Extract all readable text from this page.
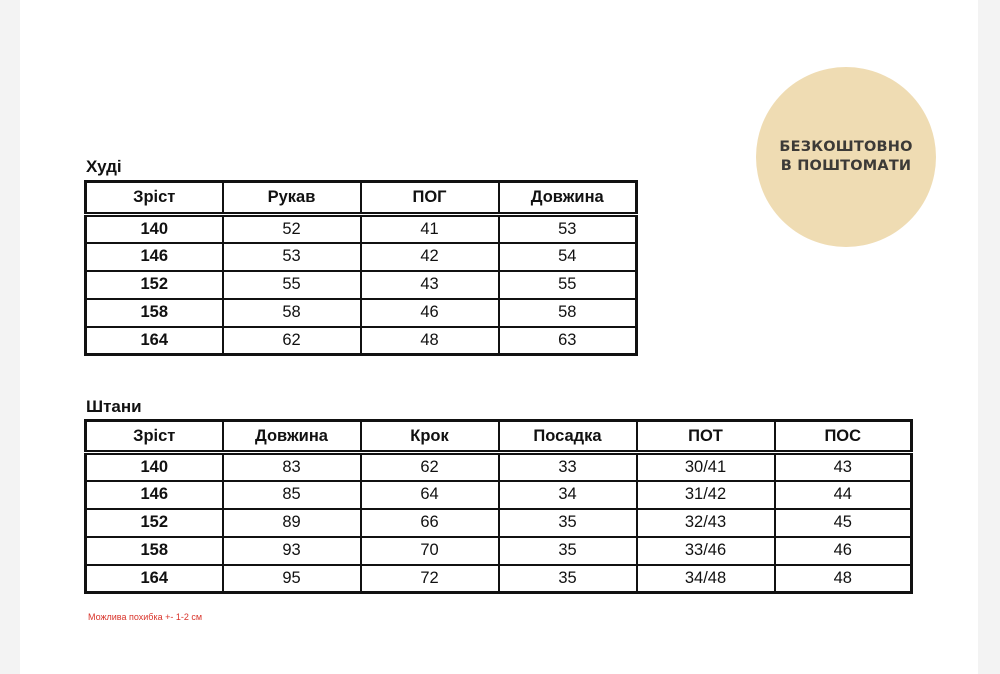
БЕЗКОШТОВНО
В ПОШТОМАТИ
Худі
Зріст	Рукав	ПОГ	Довжина
140	52	41	53
146	53	42	54
152	55	43	55
158	58	46	58
164	62	48	63
Штани
Зріст	Довжина	Крок	Посадка	ПОТ	ПОС
140	83	62	33	30/41	43
146	85	64	34	31/42	44
152	89	66	35	32/43	45
158	93	70	35	33/46	46
164	95	72	35	34/48	48
Можлива похибка +- 1-2 см
